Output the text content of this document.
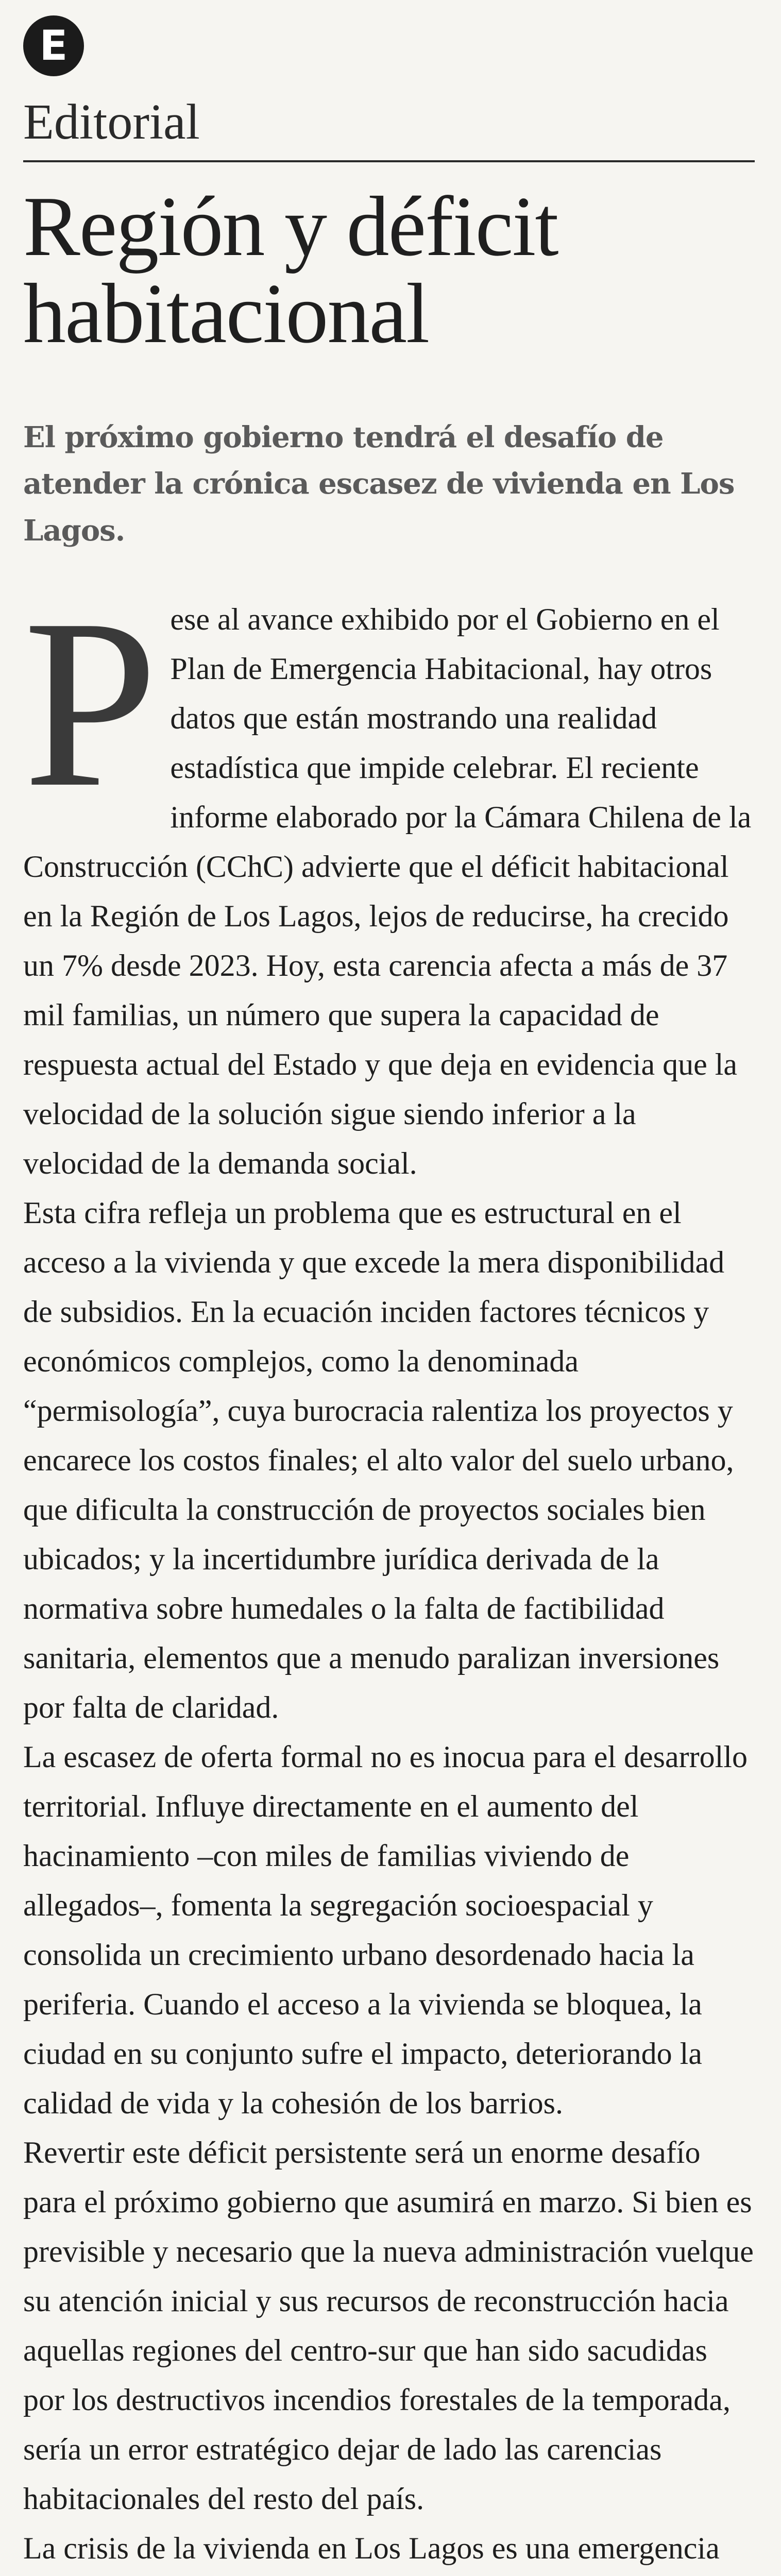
E
Editorial
Región y déficit habitacional
El próximo gobierno tendrá el desafío de atender la crónica escasez de vivienda en Los Lagos.

Pese al avance exhibido por el Gobierno en el Plan de Emergencia Habitacional, hay otros datos que están mostrando una realidad estadística que impide celebrar. El reciente informe elaborado por la Cámara Chilena de la Construcción (CChC) advierte que el déficit habitacional en la Región de Los Lagos, lejos de reducirse, ha crecido un 7% desde 2023. Hoy, esta carencia afecta a más de 37 mil familias, un número que supera la capacidad de respuesta actual del Estado y que deja en evidencia que la velocidad de la solución sigue siendo inferior a la velocidad de la demanda social.

Esta cifra refleja un problema que es estructural en el acceso a la vivienda y que excede la mera disponibilidad de subsidios. En la ecuación inciden factores técnicos y económicos complejos, como la denominada “permisología”, cuya burocracia ralentiza los proyectos y encarece los costos finales; el alto valor del suelo urbano, que dificulta la construcción de proyectos sociales bien ubicados; y la incertidumbre jurídica derivada de la normativa sobre humedales o la falta de factibilidad sanitaria, elementos que a menudo paralizan inversiones por falta de claridad.

La escasez de oferta formal no es inocua para el desarrollo territorial. Influye directamente en el aumento del hacinamiento –con miles de familias viviendo de allegados–, fomenta la segregación socioespacial y consolida un crecimiento urbano desordenado hacia la periferia. Cuando el acceso a la vivienda se bloquea, la ciudad en su conjunto sufre el impacto, deteriorando la calidad de vida y la cohesión de los barrios.

Revertir este déficit persistente será un enorme desafío para el próximo gobierno que asumirá en marzo. Si bien es previsible y necesario que la nueva administración vuelque su atención inicial y sus recursos de reconstrucción hacia aquellas regiones del centro-sur que han sido sacudidas por los destructivos incendios forestales de la temporada, sería un error estratégico dejar de lado las carencias habitacionales del resto del país.

La crisis de la vivienda en Los Lagos es una emergencia
